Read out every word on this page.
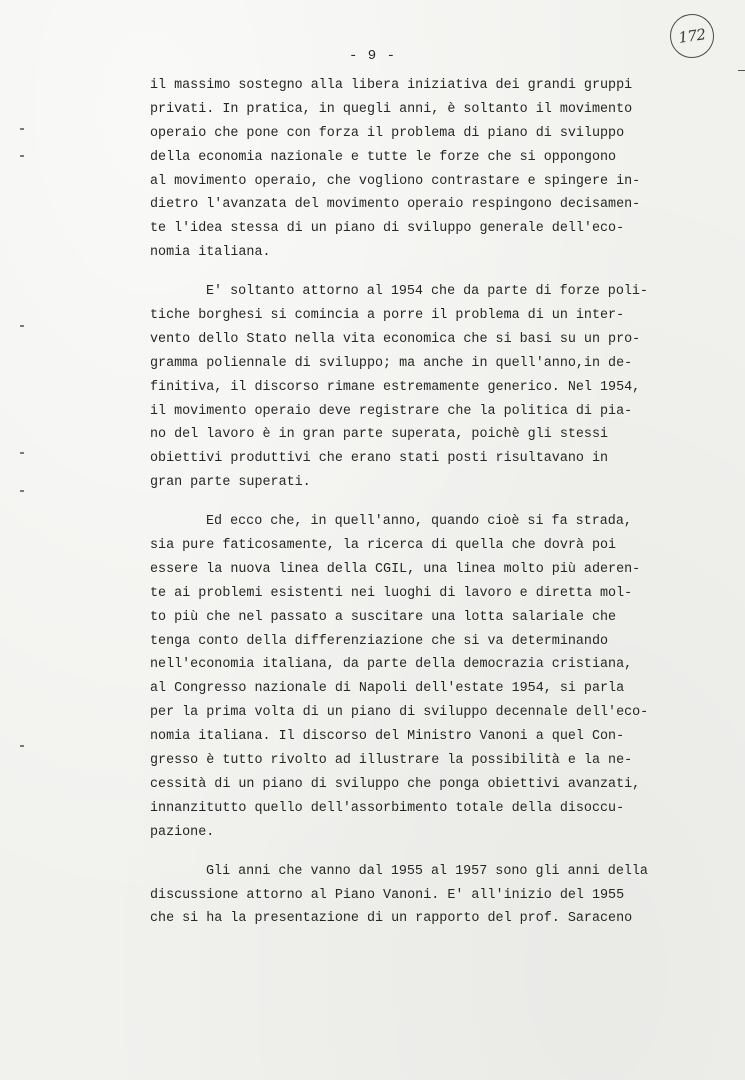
- 9 -
172
il massimo sostegno alla libera iniziativa dei grandi gruppi
privati. In pratica, in quegli anni, è soltanto il movimento
operaio che pone con forza il problema di piano di sviluppo
della economia nazionale e tutte le forze che si oppongono
al movimento operaio, che vogliono contrastare e spingere in-
dietro l'avanzata del movimento operaio respingono decisamen-
te l'idea stessa di un piano di sviluppo generale dell'eco-
nomia italiana.
E' soltanto attorno al 1954 che da parte di forze poli-
tiche borghesi si comincia a porre il problema di un inter-
vento dello Stato nella vita economica che si basi su un pro-
gramma poliennale di sviluppo; ma anche in quell'anno,in de-
finitiva, il discorso rimane estremamente generico. Nel 1954,
il movimento operaio deve registrare che la politica di pia-
no del lavoro è in gran parte superata, poichè gli stessi
obiettivi produttivi che erano stati posti risultavano in
gran parte superati.
Ed ecco che, in quell'anno, quando cioè si fa strada,
sia pure faticosamente, la ricerca di quella che dovrà poi
essere la nuova linea della CGIL, una linea molto più aderen-
te ai problemi esistenti nei luoghi di lavoro e diretta mol-
to più che nel passato a suscitare una lotta salariale che
tenga conto della differenziazione che si va determinando
nell'economia italiana, da parte della democrazia cristiana,
al Congresso nazionale di Napoli dell'estate 1954, si parla
per la prima volta di un piano di sviluppo decennale dell'eco-
nomia italiana. Il discorso del Ministro Vanoni a quel Con-
gresso è tutto rivolto ad illustrare la possibilità e la ne-
cessità di un piano di sviluppo che ponga obiettivi avanzati,
innanzitutto quello dell'assorbimento totale della disoccu-
pazione.
Gli anni che vanno dal 1955 al 1957 sono gli anni della
discussione attorno al Piano Vanoni. E' all'inizio del 1955
che si ha la presentazione di un rapporto del prof. Saraceno
